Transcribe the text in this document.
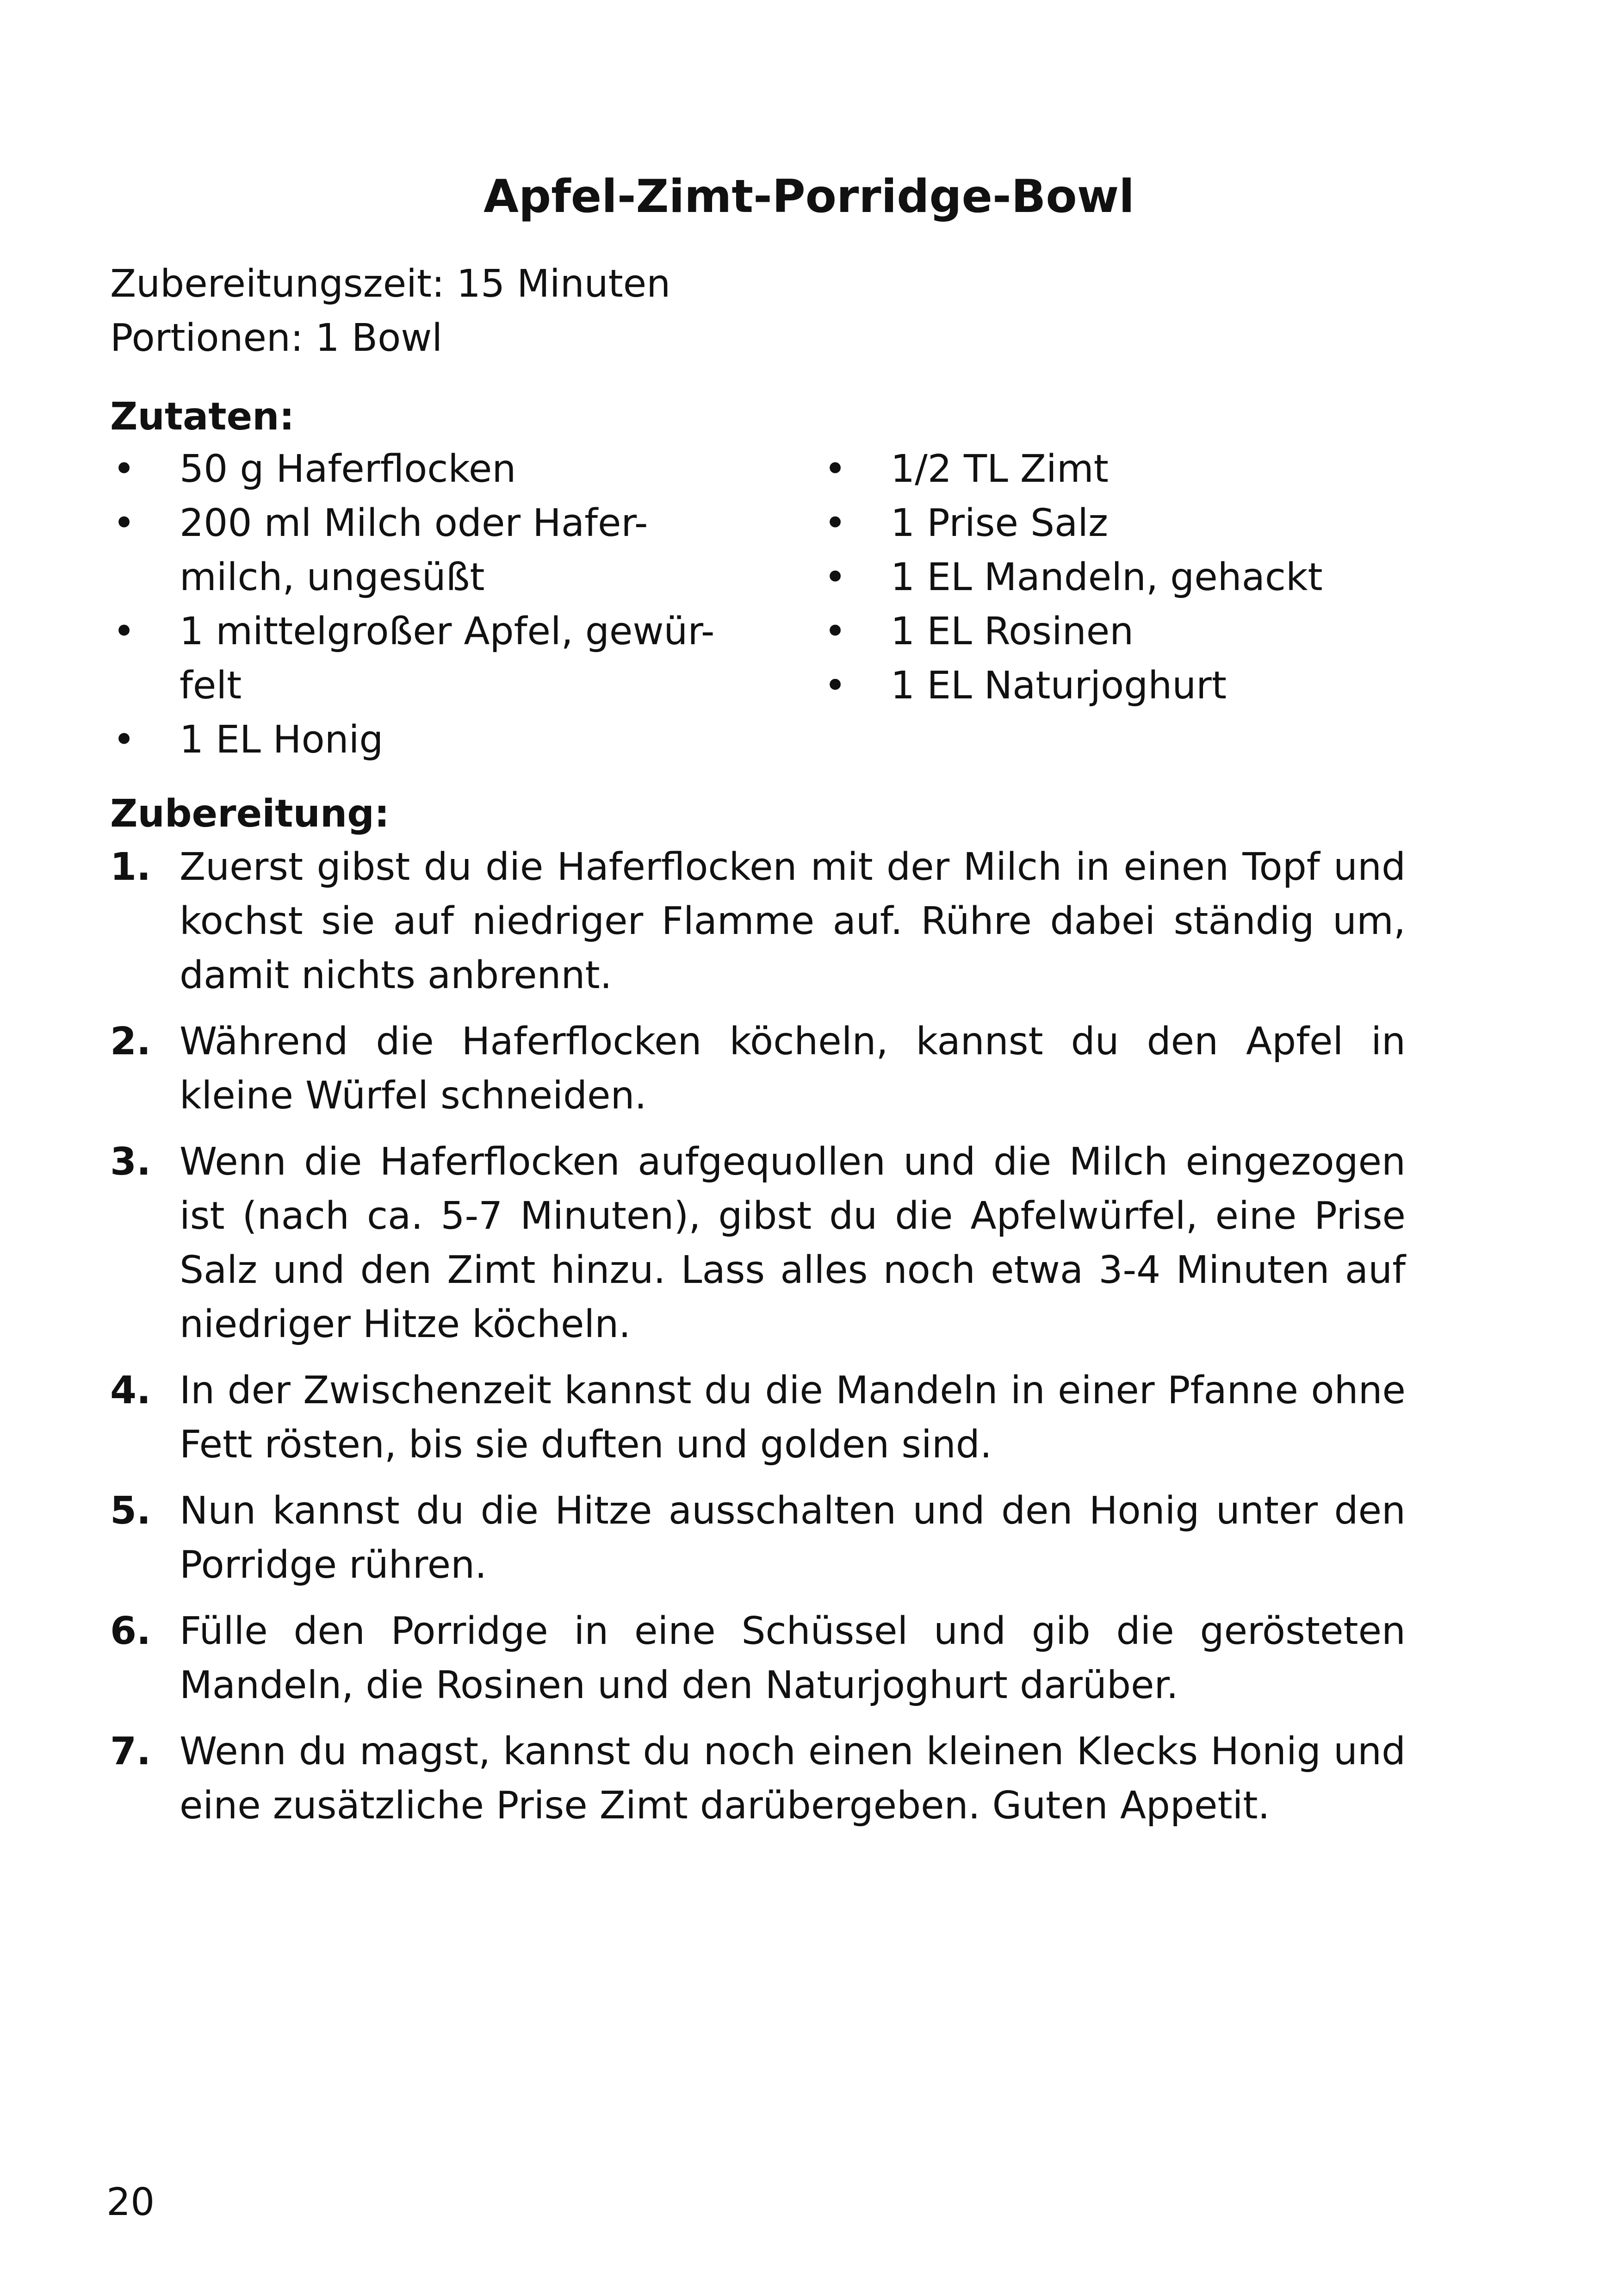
Apfel-Zimt-Porridge-Bowl
Zubereitungszeit: 15 Minuten
Portionen: 1 Bowl
Zutaten:
• 50 g Haferflocken
• 200 ml Milch oder Hafer-milch, ungesüßt
• 1 mittelgroßer Apfel, gewür-felt
• 1 EL Honig
• 1/2 TL Zimt
• 1 Prise Salz
• 1 EL Mandeln, gehackt
• 1 EL Rosinen
• 1 EL Naturjoghurt
Zubereitung:
1. Zuerst gibst du die Haferflocken mit der Milch in einen Topf und kochst sie auf niedriger Flamme auf. Rühre dabei ständig um, damit nichts anbrennt.
2. Während die Haferflocken köcheln, kannst du den Apfel in kleine Würfel schneiden.
3. Wenn die Haferflocken aufgequollen und die Milch eingezogen ist (nach ca. 5-7 Minuten), gibst du die Apfelwürfel, eine Prise Salz und den Zimt hinzu. Lass alles noch etwa 3-4 Minuten auf niedriger Hitze köcheln.
4. In der Zwischenzeit kannst du die Mandeln in einer Pfanne ohne Fett rösten, bis sie duften und golden sind.
5. Nun kannst du die Hitze ausschalten und den Honig unter den Porridge rühren.
6. Fülle den Porridge in eine Schüssel und gib die gerösteten Mandeln, die Rosinen und den Naturjoghurt darüber.
7. Wenn du magst, kannst du noch einen kleinen Klecks Honig und eine zusätzliche Prise Zimt darübergeben. Guten Appetit.
20
